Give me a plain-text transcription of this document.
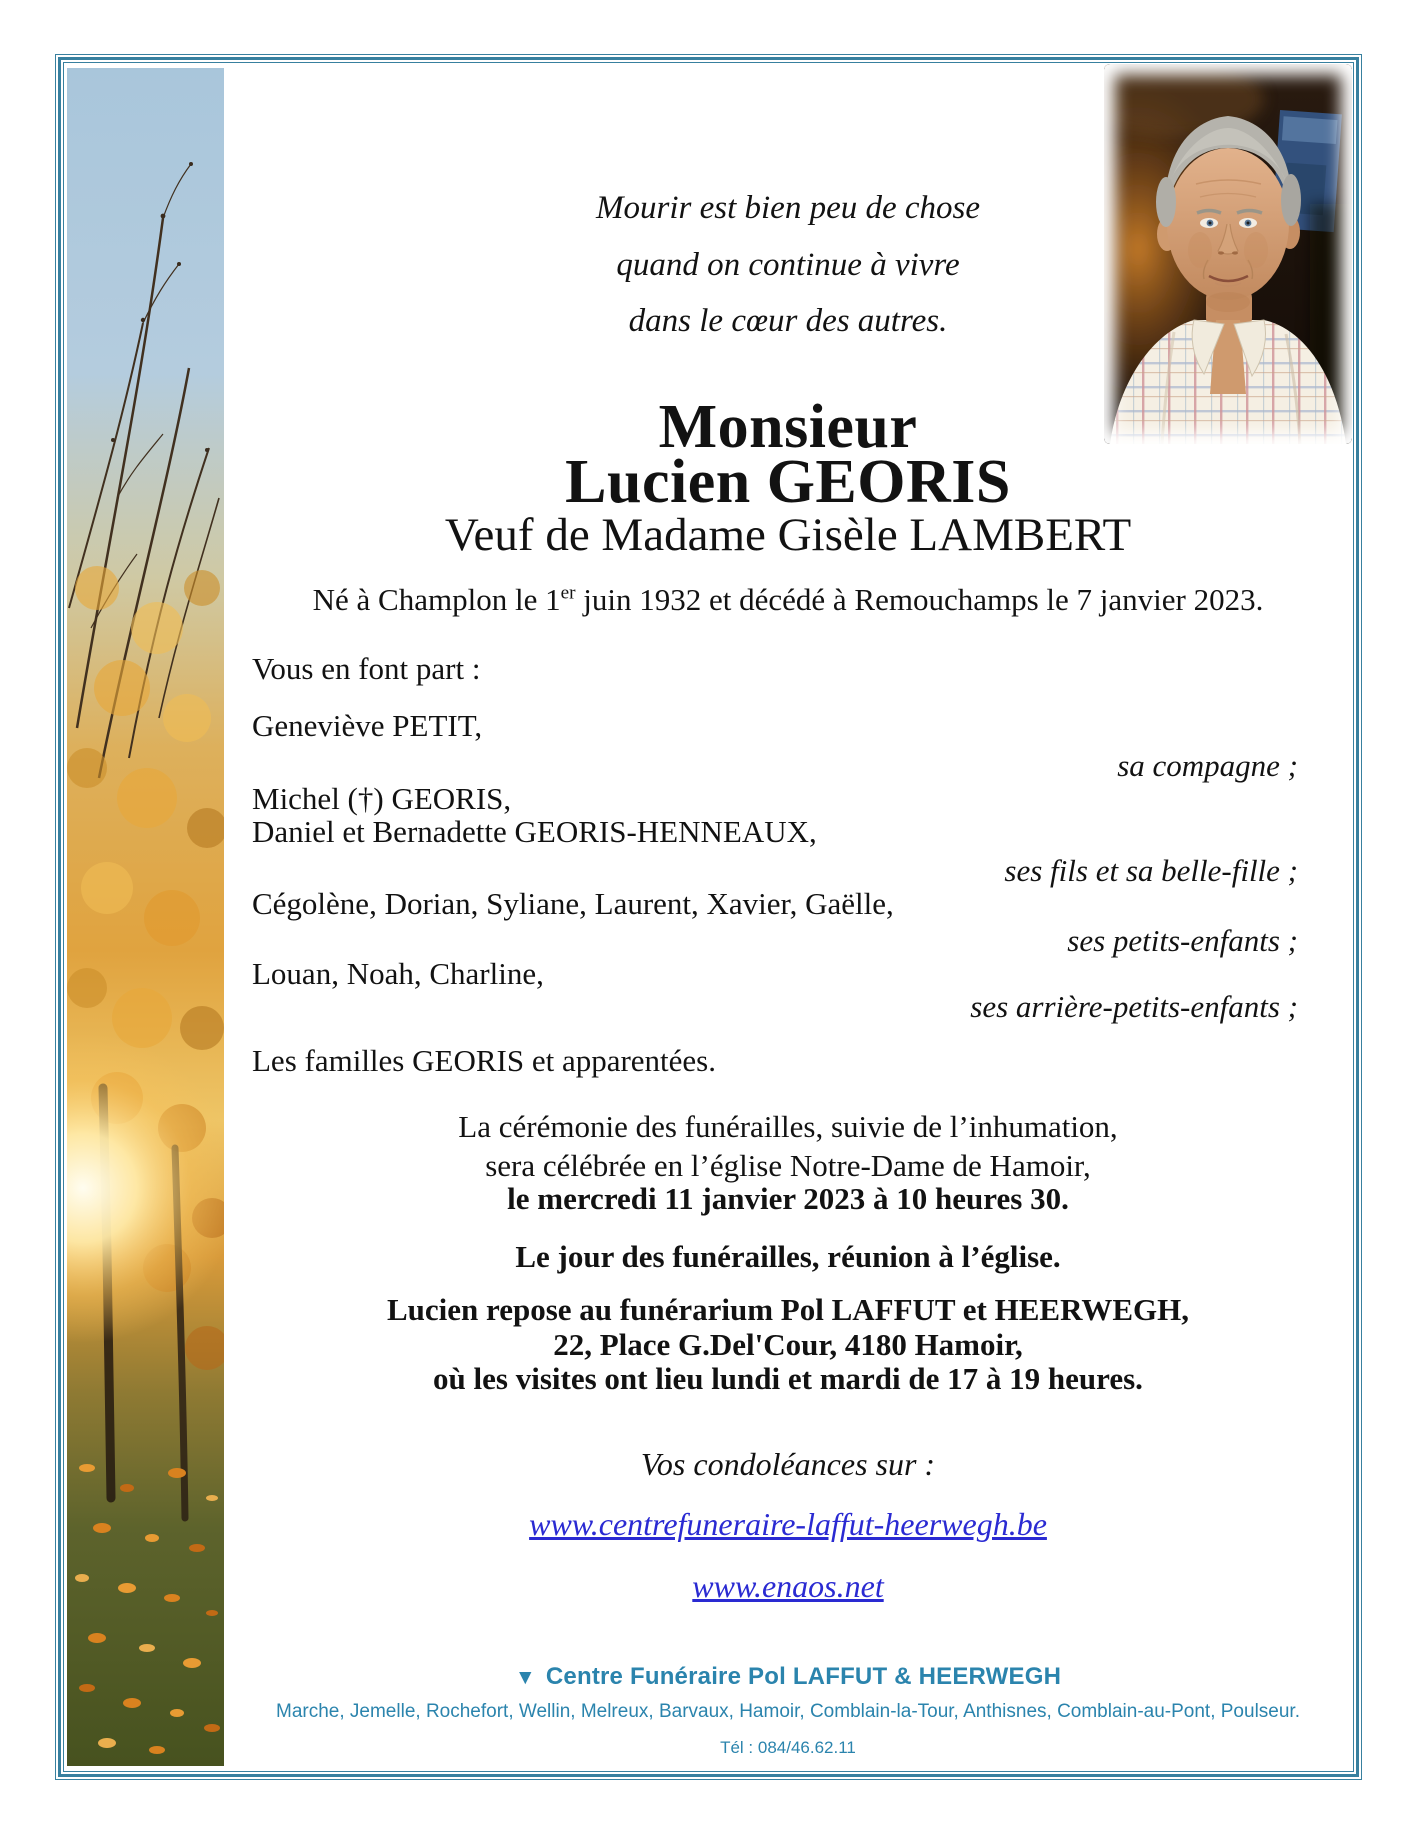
Mourir est bien peu de chose
quand on continue à vivre
dans le cœur des autres.
Monsieur
Lucien GEORIS
Veuf de Madame Gisèle LAMBERT
Né à Champlon le 1er juin 1932 et décédé à Remouchamps le 7 janvier 2023.
Vous en font part :
Geneviève PETIT,
sa compagne ;
Michel (†) GEORIS,
Daniel et Bernadette GEORIS-HENNEAUX,
ses fils et sa belle-fille ;
Cégolène, Dorian, Syliane, Laurent, Xavier, Gaëlle,
ses petits-enfants ;
Louan, Noah, Charline,
ses arrière-petits-enfants ;
Les familles GEORIS et apparentées.
La cérémonie des funérailles, suivie de l’inhumation,
sera célébrée en l’église Notre-Dame de Hamoir,
le mercredi 11 janvier 2023 à 10 heures 30.
Le jour des funérailles, réunion à l’église.
Lucien repose au funérarium Pol LAFFUT et HEERWEGH,
22, Place G.Del'Cour, 4180 Hamoir,
où les visites ont lieu lundi et mardi de 17 à 19 heures.
Vos condoléances sur :
www.centrefuneraire-laffut-heerwegh.be
www.enaos.net
▼ Centre Funéraire Pol LAFFUT & HEERWEGH
Marche, Jemelle, Rochefort, Wellin, Melreux, Barvaux, Hamoir, Comblain-la-Tour, Anthisnes, Comblain-au-Pont, Poulseur.
Tél : 084/46.62.11
